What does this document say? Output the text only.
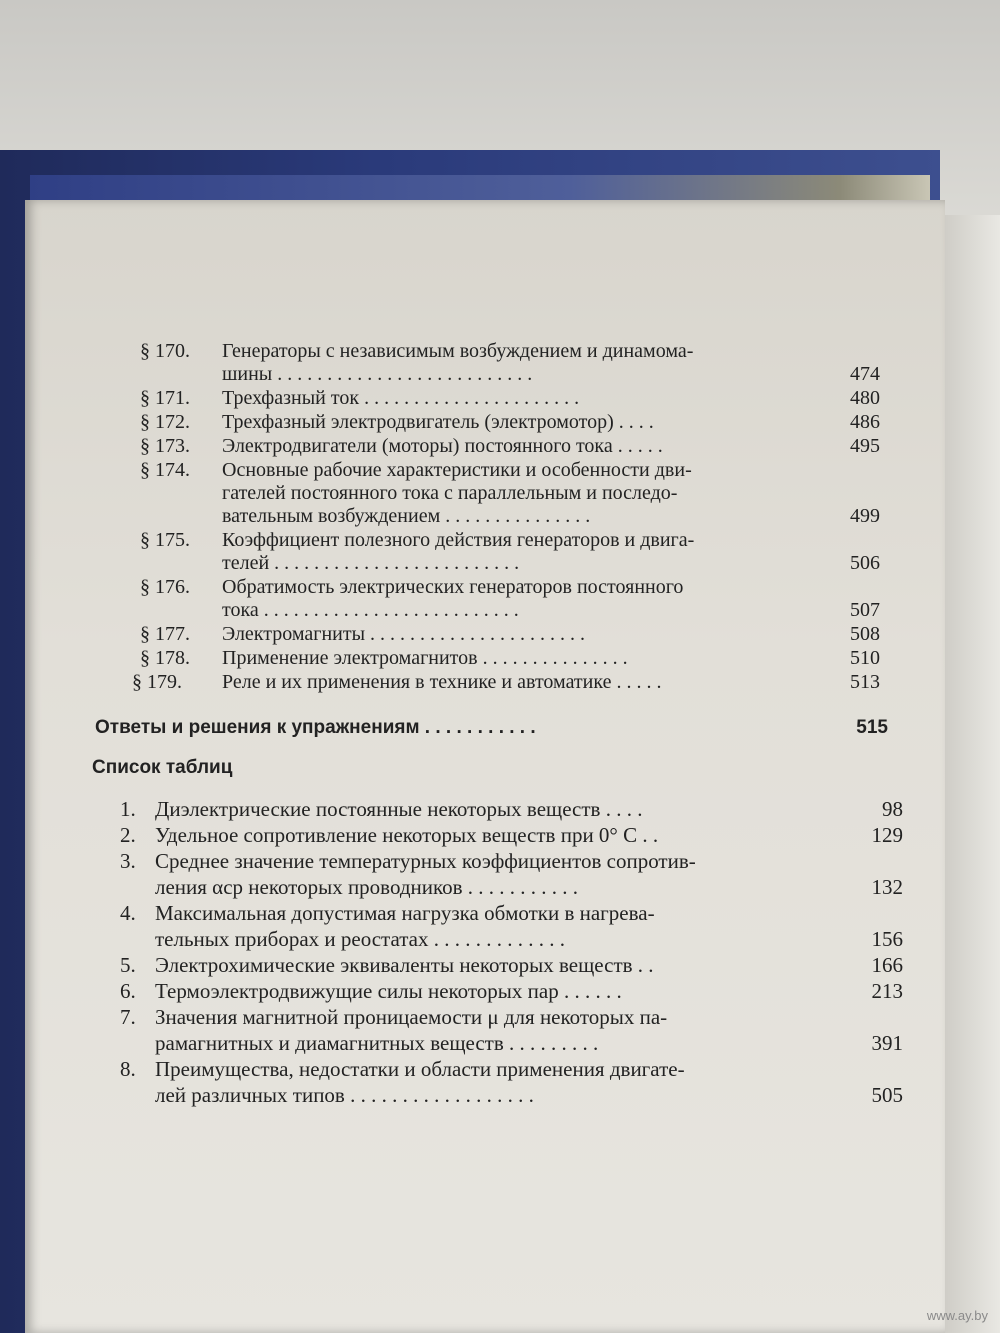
§ 170. Генераторы с независимым возбуждением и динамома-
шины . . . . . . . . . . . . . . . . . . . . . . . . . .	474
§ 171. Трехфазный ток . . . . . . . . . . . . . . . . . . . . . .	480
§ 172. Трехфазный электродвигатель (электромотор) . . . .	486
§ 173. Электродвигатели (моторы) постоянного тока . . . . .	495
§ 174. Основные рабочие характеристики и особенности дви-
гателей постоянного тока с параллельным и последо-
вательным возбуждением . . . . . . . . . . . . . . .	499
§ 175. Коэффициент полезного действия генераторов и двига-
телей . . . . . . . . . . . . . . . . . . . . . . . . .	506
§ 176. Обратимость электрических генераторов постоянного
тока . . . . . . . . . . . . . . . . . . . . . . . . . .	507
§ 177. Электромагниты . . . . . . . . . . . . . . . . . . . . . .	508
§ 178. Применение электромагнитов . . . . . . . . . . . . . . .	510
§ 179. Реле и их применения в технике и автоматике . . . . .	513
Ответы и решения к упражнениям . . . . . . . . . . .	515
Список таблиц
1. Диэлектрические постоянные некоторых веществ . . . .	98
2. Удельное сопротивление некоторых веществ при 0° С . .	129
3. Среднее значение температурных коэффициентов сопротив-
ления αср некоторых проводников . . . . . . . . . . .	132
4. Максимальная допустимая нагрузка обмотки в нагрева-
тельных приборах и реостатах . . . . . . . . . . . . .	156
5. Электрохимические эквиваленты некоторых веществ . .	166
6. Термоэлектродвижущие силы некоторых пар . . . . . .	213
7. Значения магнитной проницаемости μ для некоторых па-
рамагнитных и диамагнитных веществ . . . . . . . . .	391
8. Преимущества, недостатки и области применения двигате-
лей различных типов . . . . . . . . . . . . . . . . . .	505
www.ay.by
